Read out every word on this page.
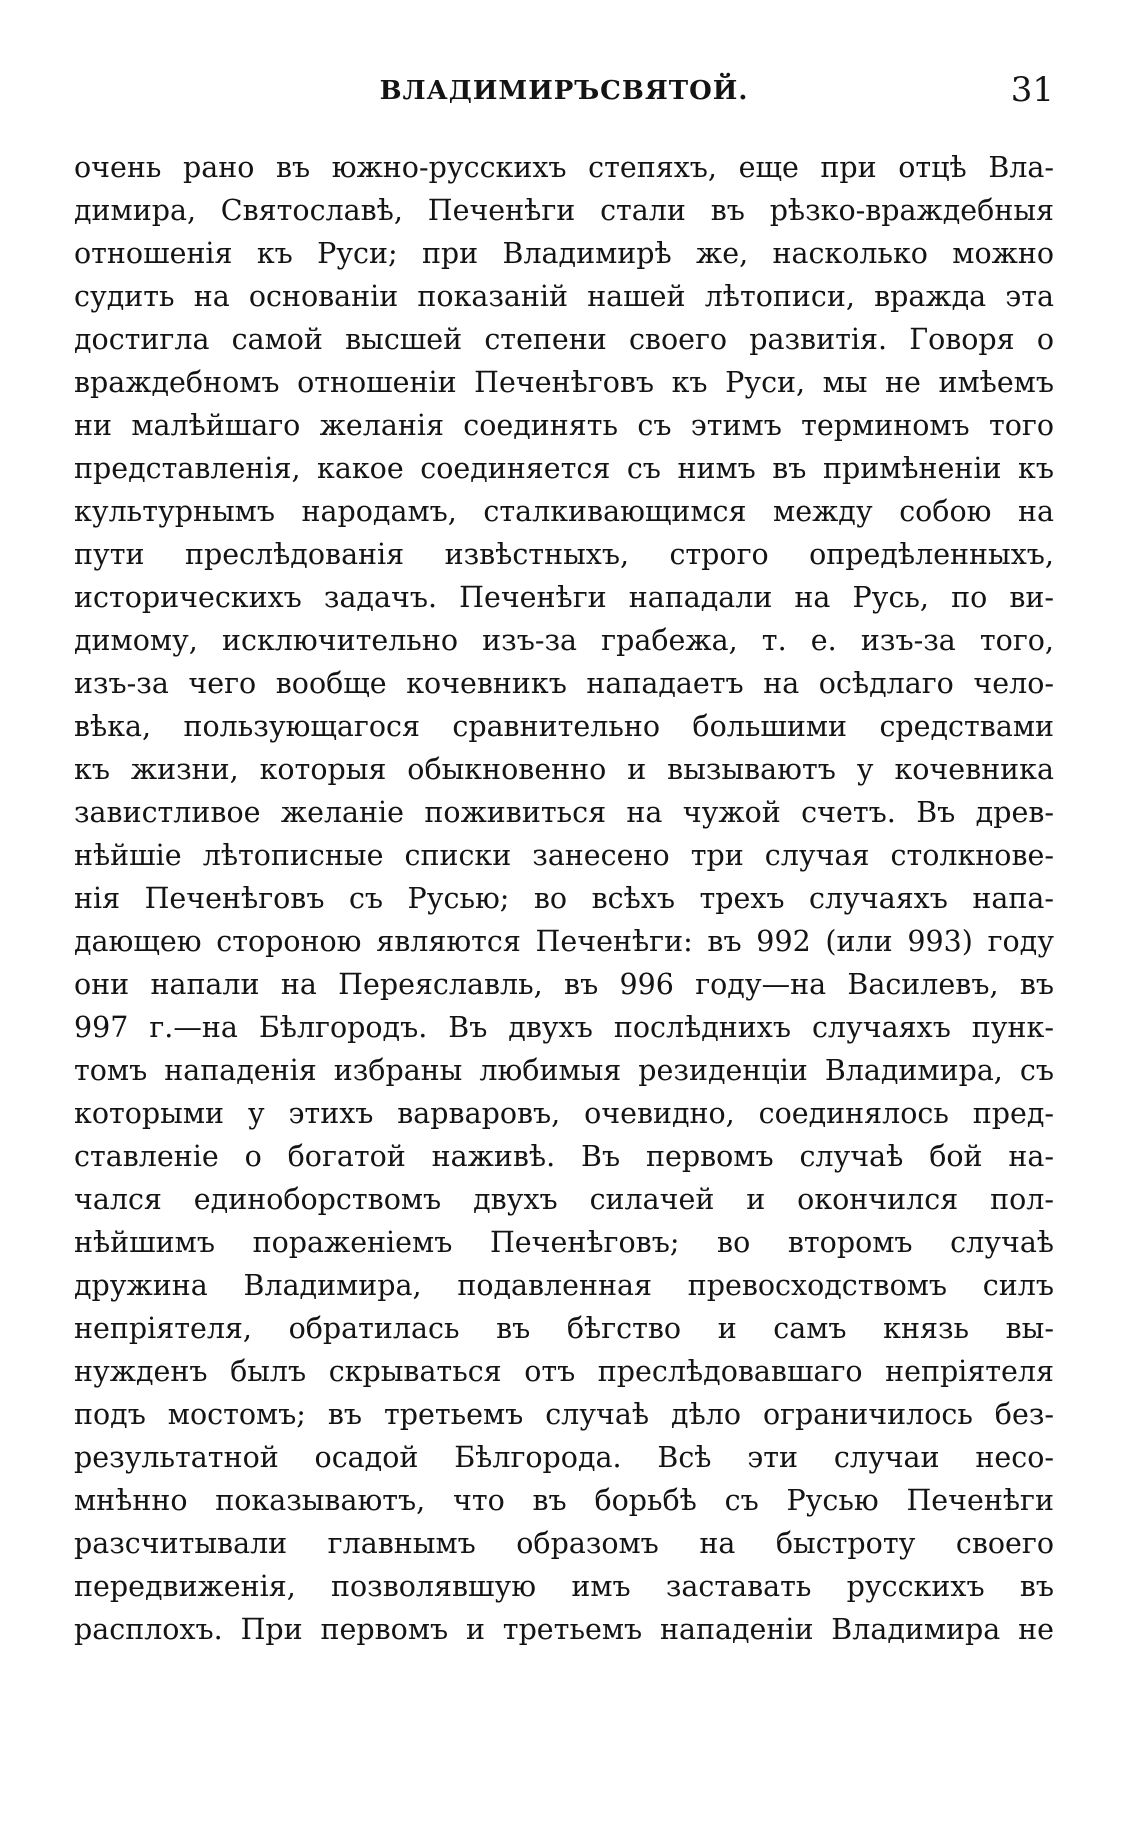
ВЛАДИМИРЪСВЯТОЙ.	31
очень рано въ южно-русскихъ степяхъ, еще при отцѣ Вла-
димира, Святославѣ, Печенѣги стали въ рѣзко-враждебныя
отношенія къ Руси; при Владимирѣ же, насколько можно
судить на основаніи показаній нашей лѣтописи, вражда эта
достигла самой высшей степени своего развитія. Говоря о
враждебномъ отношеніи Печенѣговъ къ Руси, мы не имѣемъ
ни малѣйшаго желанія соединять съ этимъ терминомъ того
представленія, какое соединяется съ нимъ въ примѣненіи къ
культурнымъ народамъ, сталкивающимся между собою на
пути преслѣдованія извѣстныхъ, строго опредѣленныхъ,
историческихъ задачъ. Печенѣги нападали на Русь, по ви-
димому, исключительно изъ-за грабежа, т. е. изъ-за того,
изъ-за чего вообще кочевникъ нападаетъ на осѣдлаго чело-
вѣка, пользующагося сравнительно большими средствами
къ жизни, которыя обыкновенно и вызываютъ у кочевника
завистливое желаніе поживиться на чужой счетъ. Въ древ-
нѣйшіе лѣтописные списки занесено три случая столкнове-
нія Печенѣговъ съ Русью; во всѣхъ трехъ случаяхъ напа-
дающею стороною являются Печенѣги: въ 992 (или 993) году
они напали на Переяславль, въ 996 году—на Василевъ, въ
997 г.—на Бѣлгородъ. Въ двухъ послѣднихъ случаяхъ пунк-
томъ нападенія избраны любимыя резиденціи Владимира, съ
которыми у этихъ варваровъ, очевидно, соединялось пред-
ставленіе о богатой наживѣ. Въ первомъ случаѣ бой на-
чался единоборствомъ двухъ силачей и окончился пол-
нѣйшимъ пораженіемъ Печенѣговъ; во второмъ случаѣ
дружина Владимира, подавленная превосходствомъ силъ
непріятеля, обратилась въ бѣгство и самъ князь вы-
нужденъ былъ скрываться отъ преслѣдовавшаго непріятеля
подъ мостомъ; въ третьемъ случаѣ дѣло ограничилось без-
результатной осадой Бѣлгорода. Всѣ эти случаи несо-
мнѣнно показываютъ, что въ борьбѣ съ Русью Печенѣги
разсчитывали главнымъ образомъ на быстроту своего
передвиженія, позволявшую имъ заставать русскихъ въ
расплохъ. При первомъ и третьемъ нападеніи Владимира не
